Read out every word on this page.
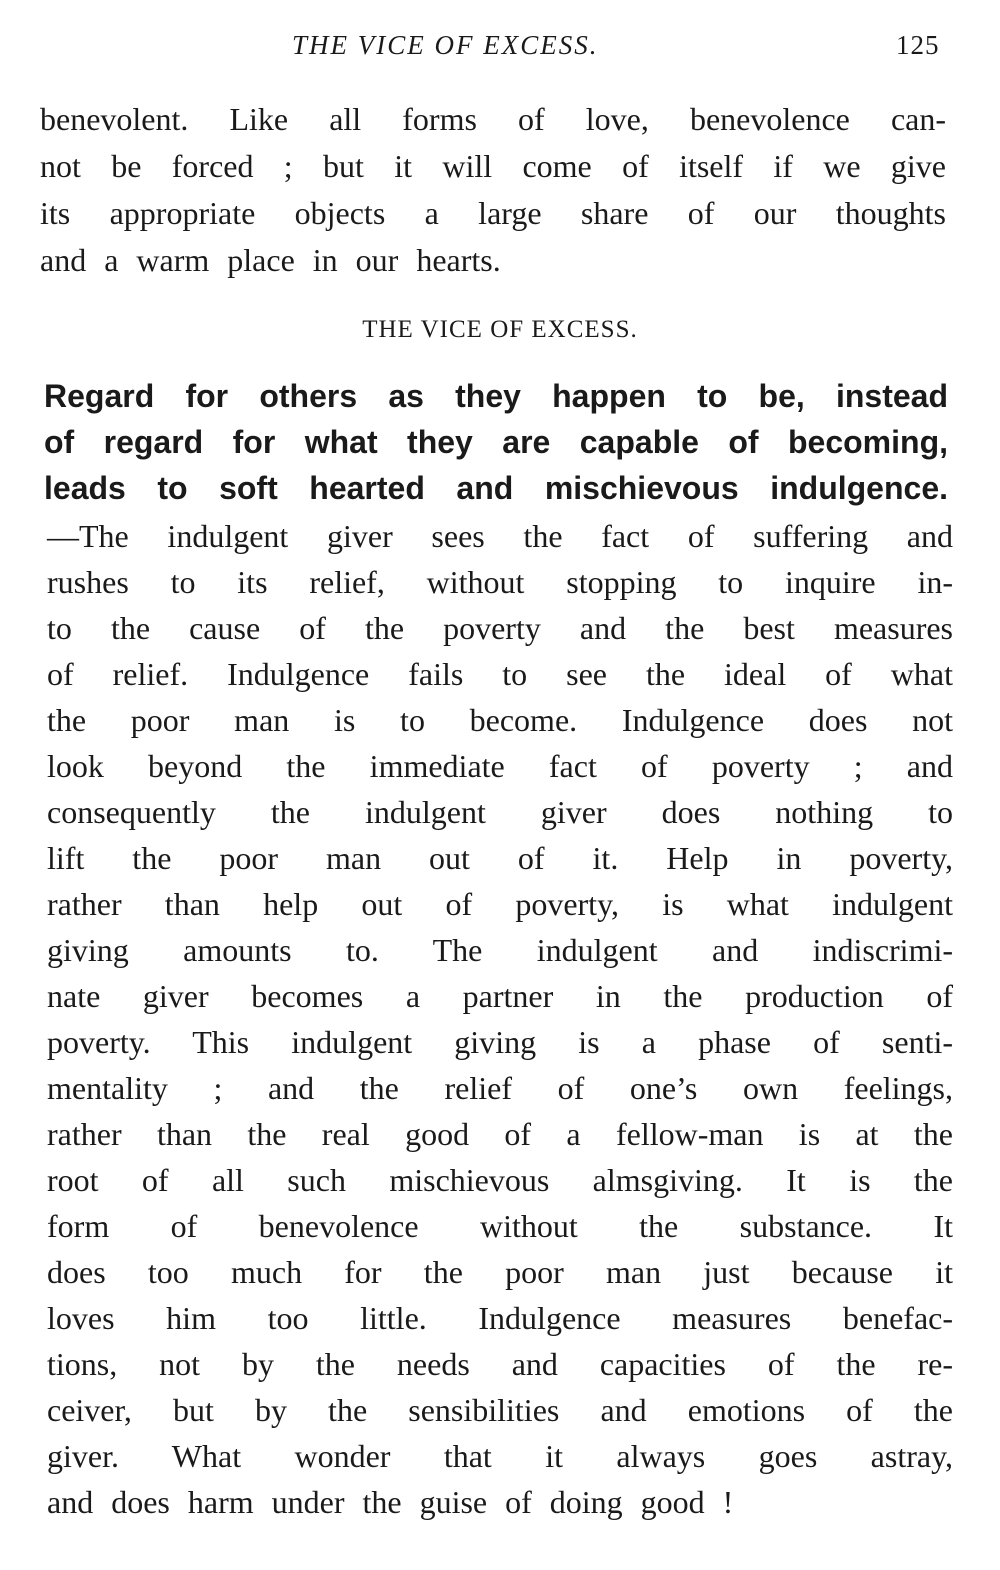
THE VICE OF EXCESS.	125
benevolent. Like all forms of love, benevolence can-
not be forced ; but it will come of itself if we give
its appropriate objects a large share of our thoughts
and a warm place in our hearts.
THE VICE OF EXCESS.
Regard for others as they happen to be, instead
of regard for what they are capable of becoming,
leads to soft hearted and mischievous indulgence.
—The indulgent giver sees the fact of suffering and
rushes to its relief, without stopping to inquire in-
to the cause of the poverty and the best measures
of relief. Indulgence fails to see the ideal of what
the poor man is to become. Indulgence does not
look beyond the immediate fact of poverty ; and
consequently the indulgent giver does nothing to
lift the poor man out of it. Help in poverty,
rather than help out of poverty, is what indulgent
giving amounts to. The indulgent and indiscrimi-
nate giver becomes a partner in the production of
poverty. This indulgent giving is a phase of senti-
mentality ; and the relief of one’s own feelings,
rather than the real good of a fellow-man is at the
root of all such mischievous almsgiving. It is the
form of benevolence without the substance. It
does too much for the poor man just because it
loves him too little. Indulgence measures benefac-
tions, not by the needs and capacities of the re-
ceiver, but by the sensibilities and emotions of the
giver. What wonder that it always goes astray,
and does harm under the guise of doing good !
